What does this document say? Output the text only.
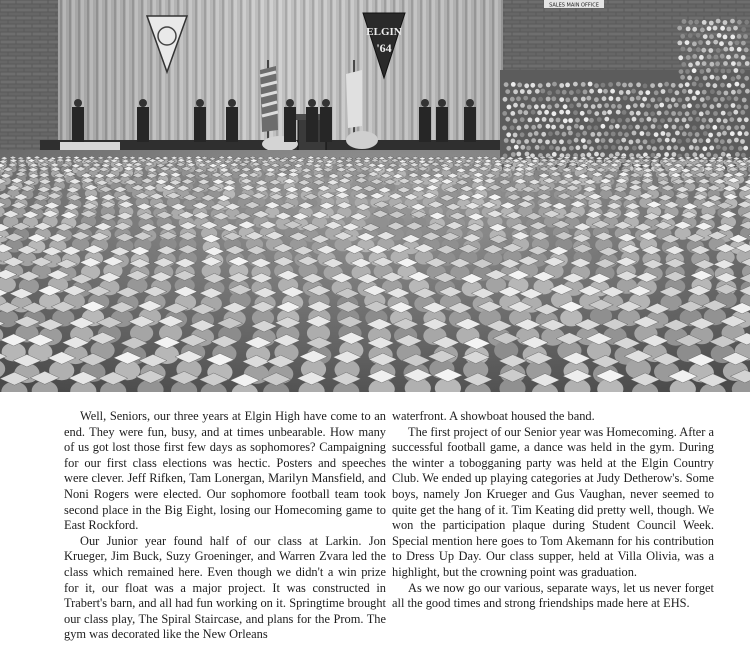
ELGIN
'64
SALES MAIN OFFICE

Well, Seniors, our three years at Elgin High have come to an end. They were fun, busy, and at times unbearable. How many of us got lost those first few days as sophomores? Campaigning for our first class elections was hectic. Posters and speeches were clever. Jeff Rifken, Tam Lonergan, Marilyn Mansfield, and Noni Rogers were elected. Our sophomore football team took second place in the Big Eight, losing our Homecoming game to East Rockford.

Our Junior year found half of our class at Larkin. Jon Krueger, Jim Buck, Suzy Groeninger, and Warren Zvara led the class which remained here. Even though we didn't a win prize for it, our float was a major project. It was constructed in Trabert's barn, and all had fun working on it. Springtime brought our class play, The Spiral Staircase, and plans for the Prom. The gym was decorated like the New Orleans

waterfront. A showboat housed the band.

The first project of our Senior year was Homecoming. After a successful football game, a dance was held in the gym. During the winter a tobogganing party was held at the Elgin Country Club. We ended up playing categories at Judy Detherow's. Some boys, namely Jon Krueger and Gus Vaughan, never seemed to quite get the hang of it. Tim Keating did pretty well, though. We won the participation plaque during Student Council Week. Special mention here goes to Tom Akemann for his contribution to Dress Up Day. Our class supper, held at Villa Olivia, was a highlight, but the crowning point was graduation.

As we now go our various, separate ways, let us never forget all the good times and strong friendships made here at EHS.
